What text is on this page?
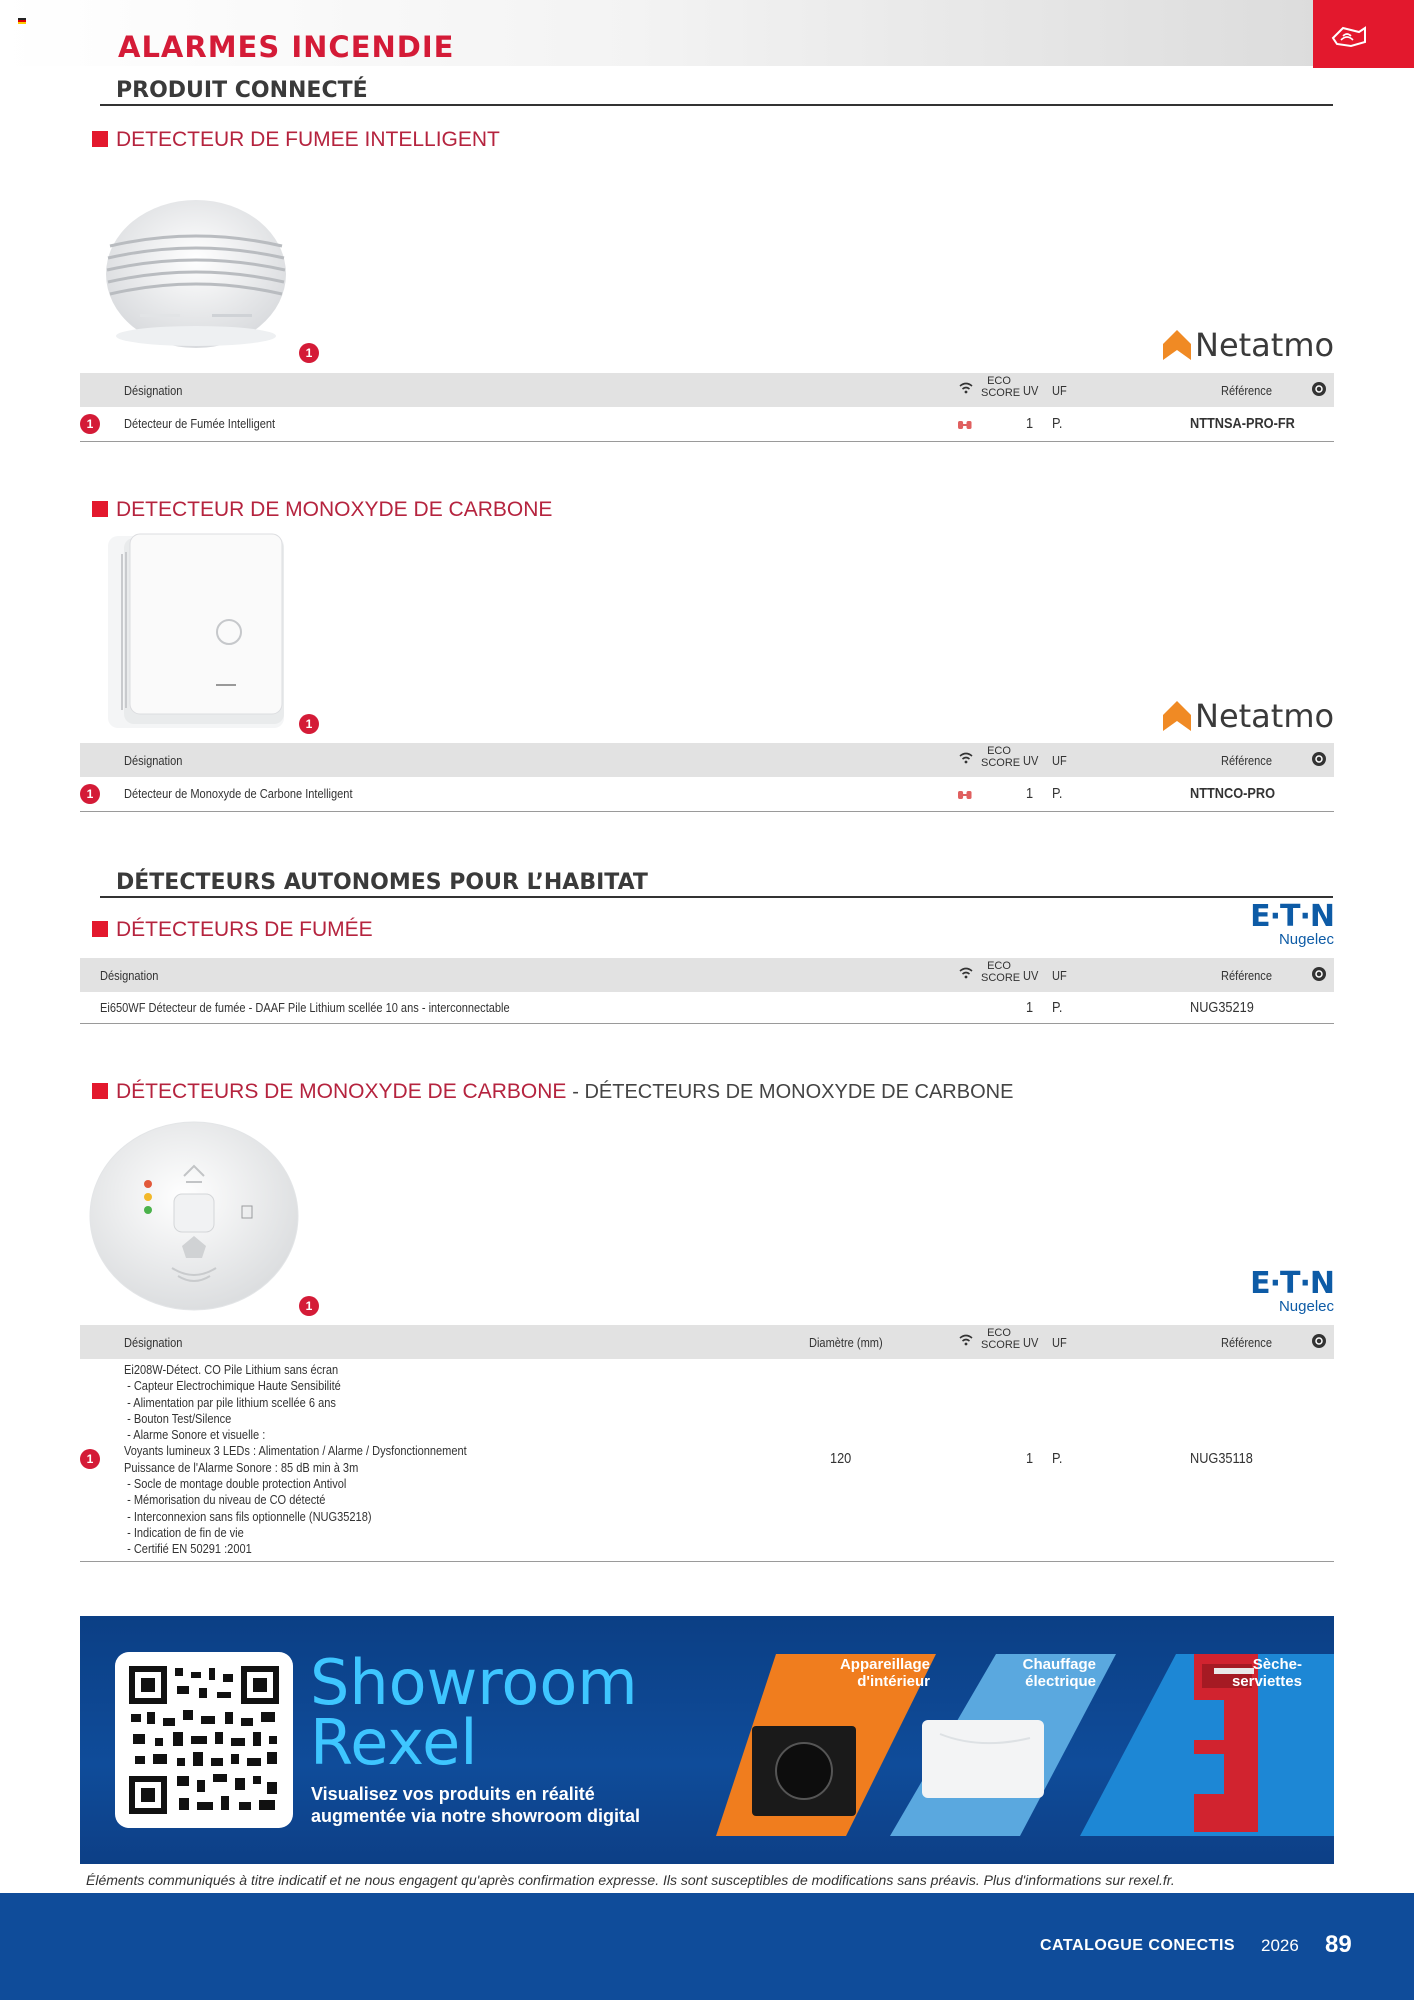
ALARMES INCENDIE
PRODUIT CONNECTÉ
DETECTEUR DE FUMEE INTELLIGENT
1	Netatmo
Désignation
ECO
SCORE UV UF	Référence
1	Détecteur de Fumée Intelligent	1 P.	NTTNSA-PRO-FR
DETECTEUR DE MONOXYDE DE CARBONE
1	Netatmo
Désignation
ECO
SCORE UV UF	Référence
1	Détecteur de Monoxyde de Carbone Intelligent	1 P.	NTTNCO-PRO
DÉTECTEURS AUTONOMES POUR L’HABITAT
DÉTECTEURS DE FUMÉE	E·T·N
Nugelec
Désignation
ECO
SCORE UV UF	Référence
Ei650WF Détecteur de fumée - DAAF Pile Lithium scellée 10 ans - interconnectable	1 P.	NUG35219
DÉTECTEURS DE MONOXYDE DE CARBONE - DÉTECTEURS DE MONOXYDE DE CARBONE
1
E·T·N
Nugelec
Désignation	Diamètre (mm)
ECO
SCORE UV UF	Référence
1
Ei208W-Détect. CO Pile Lithium sans écran
- Capteur Electrochimique Haute Sensibilité
- Alimentation par pile lithium scellée 6 ans
- Bouton Test/Silence
- Alarme Sonore et visuelle :
Voyants lumineux 3 LEDs : Alimentation / Alarme / Dysfonctionnement
Puissance de l'Alarme Sonore : 85 dB min à 3m
- Socle de montage double protection Antivol
- Mémorisation du niveau de CO détecté
- Interconnexion sans fils optionnelle (NUG35218)
- Indication de fin de vie
- Certifié EN 50291 :2001
120	1 P.	NUG35118
Showroom
Rexel
Visualisez vos produits en réalité
augmentée via notre showroom digital
Appareillage
d'intérieur
Chauffage
électrique
Sèche-
serviettes
Éléments communiqués à titre indicatif et ne nous engagent qu'après confirmation expresse. Ils sont susceptibles de modifications sans préavis. Plus d'informations sur rexel.fr.
CATALOGUE CONECTIS 2026 89
